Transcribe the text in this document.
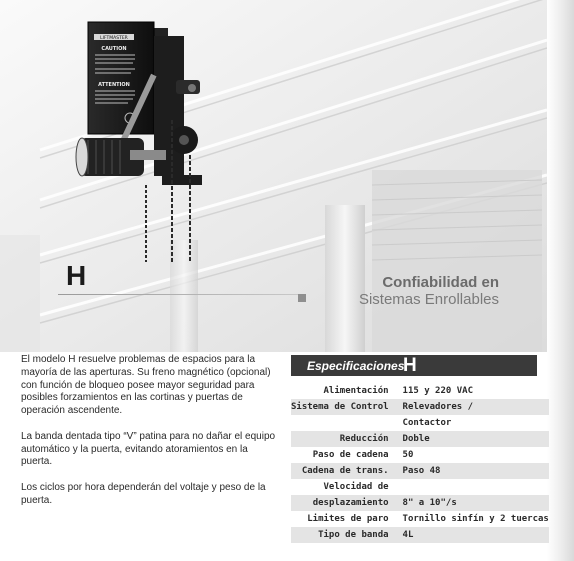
LIFTMASTER
CAUTION
ATTENTION
H	Confiabilidad en
Sistemas Enrollables

El modelo H resuelve problemas de espacios para la mayoría de las aperturas. Su freno magnético (opcional) con función de bloqueo posee mayor seguridad para posibles forzamientos en las cortinas y puertas de operación ascendente.

La banda dentada tipo “V” patina para no dañar el equipo automático y la puerta, evitando atoramientos en la puerta.

Los ciclos por hora dependerán del voltaje y peso de la puerta.

Especificaciones
H
Alimentación	115 y 220 VAC
Sistema de Control	Relevadores /
	Contactor
Reducción	Doble
Paso de cadena	50
Cadena de trans.	Paso 48
Velocidad de	
desplazamiento	8" a 10"/s
Limites de paro	Tornillo sinfín y 2 tuercas
Tipo de banda	4L
